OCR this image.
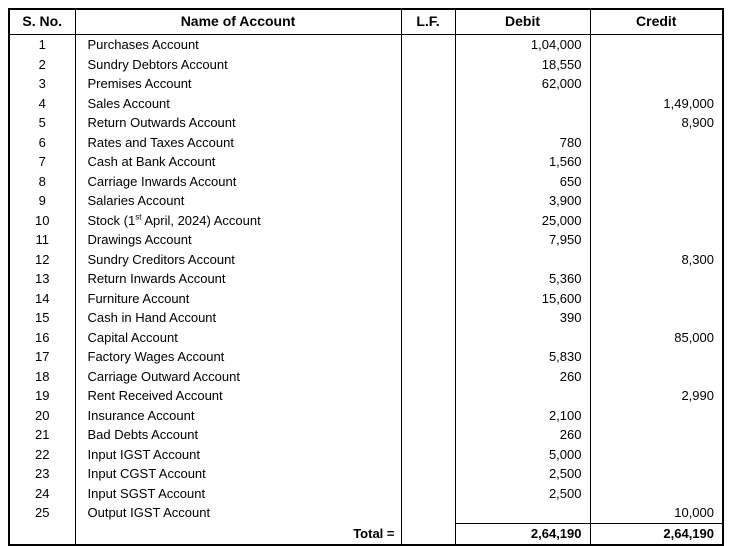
S. No.	Name of Account	L.F.	Debit	Credit
1	Purchases Account		1,04,000	
2	Sundry Debtors Account		18,550	
3	Premises Account		62,000	
4	Sales Account			1,49,000
5	Return Outwards Account			8,900
6	Rates and Taxes Account		780	
7	Cash at Bank Account		1,560	
8	Carriage Inwards Account		650	
9	Salaries Account		3,900	
10	Stock (1st April, 2024) Account		25,000	
11	Drawings Account		7,950	
12	Sundry Creditors Account			8,300
13	Return Inwards Account		5,360	
14	Furniture Account		15,600	
15	Cash in Hand Account		390	
16	Capital Account			85,000
17	Factory Wages Account		5,830	
18	Carriage Outward Account		260	
19	Rent Received Account			2,990
20	Insurance Account		2,100	
21	Bad Debts Account		260	
22	Input IGST Account		5,000	
23	Input CGST Account		2,500	
24	Input SGST Account		2,500	
25	Output IGST Account			10,000
	Total =		2,64,190	2,64,190
